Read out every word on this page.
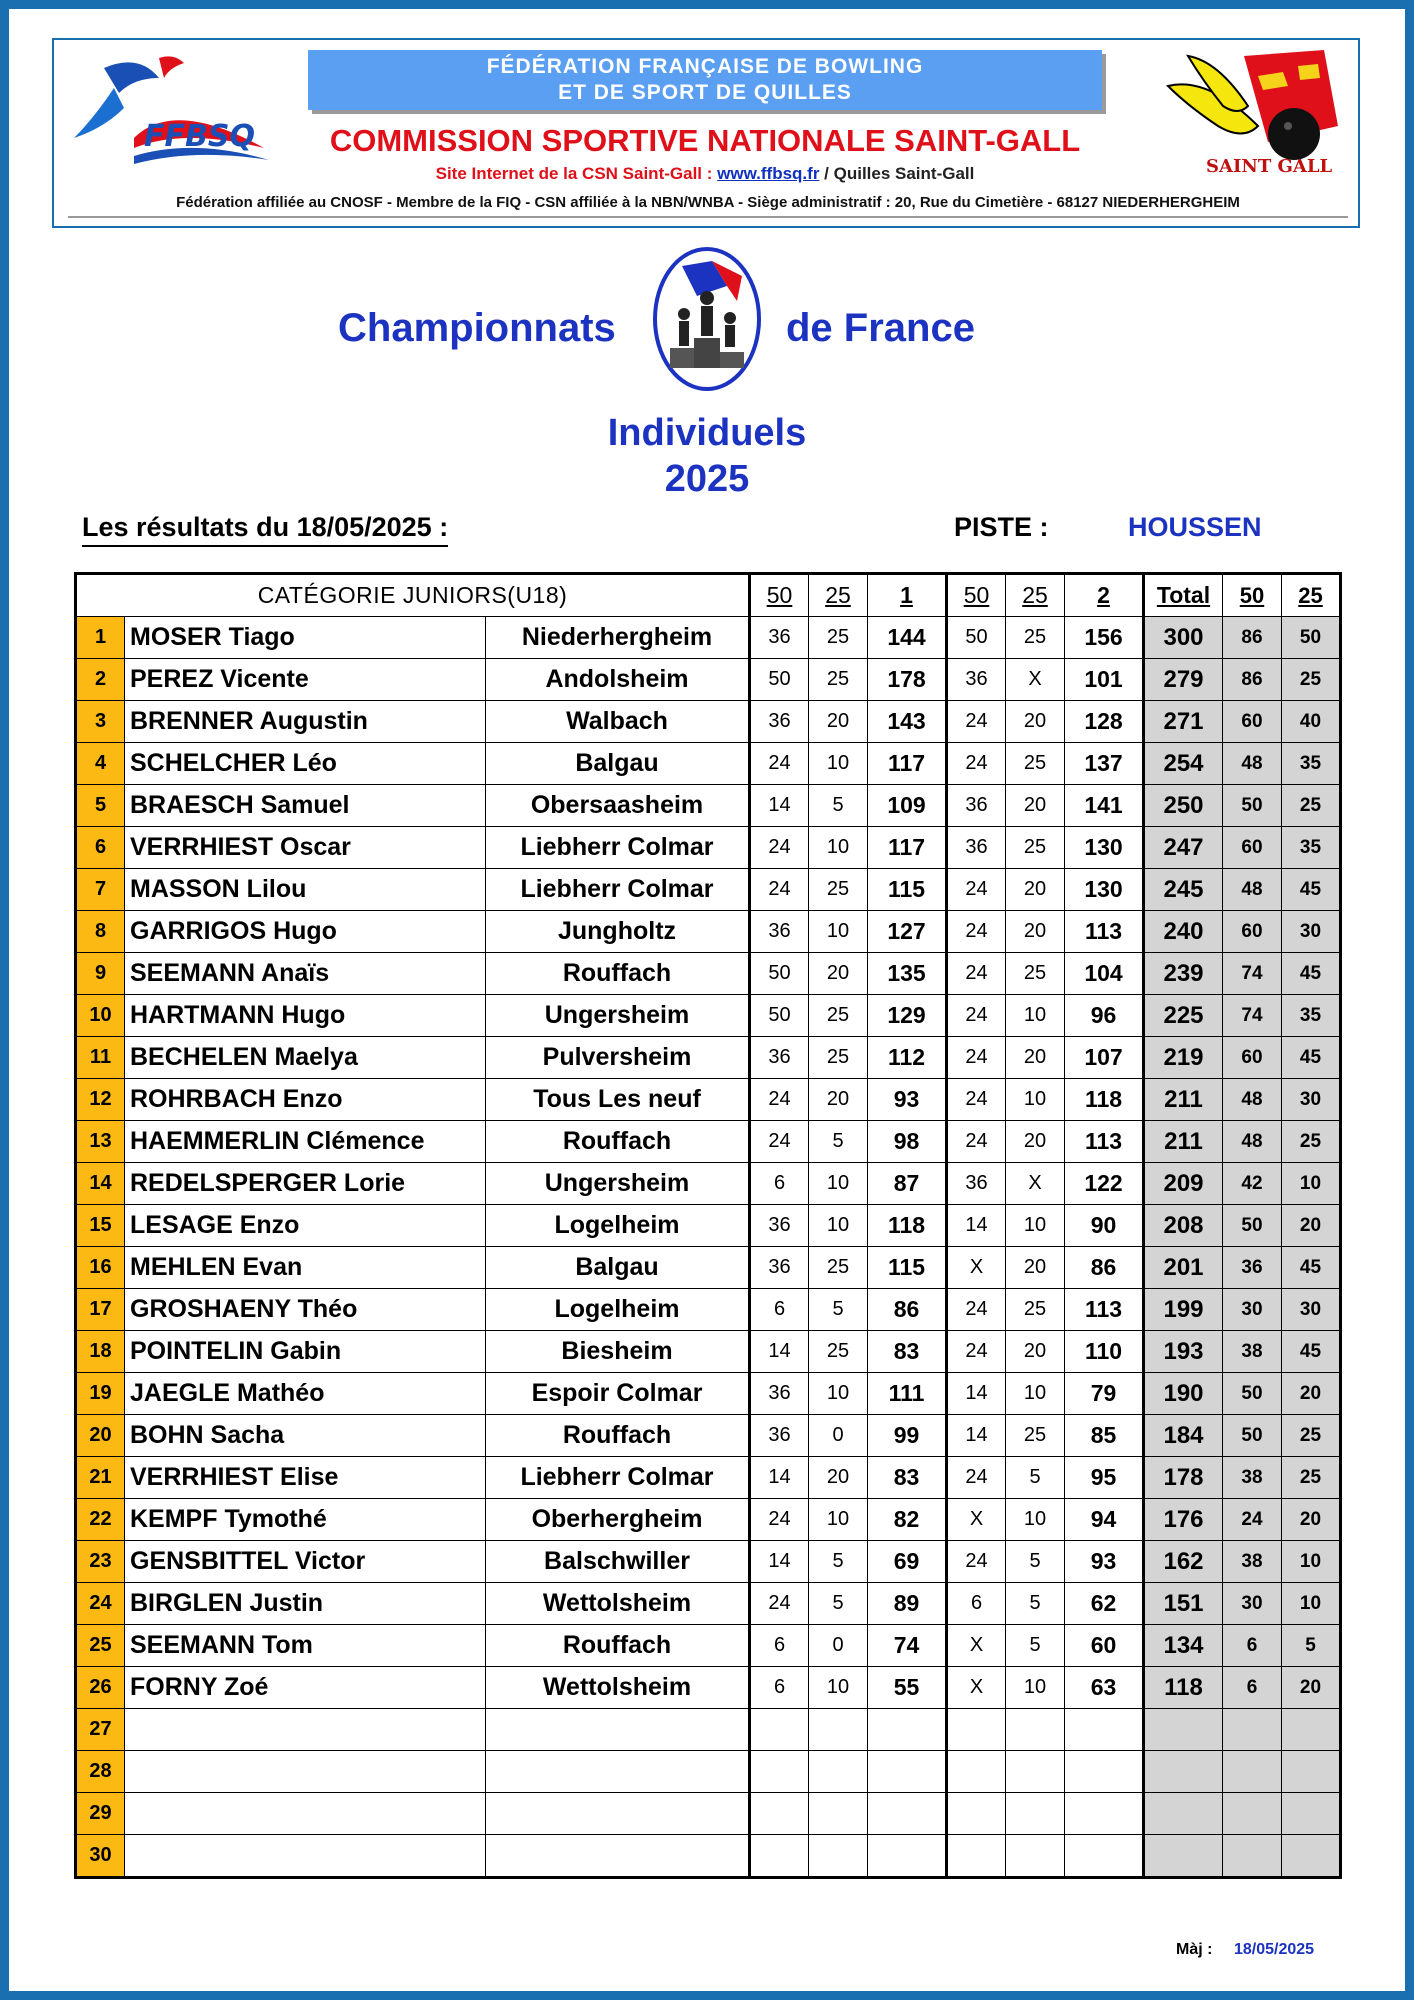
FFBSQ
FÉDÉRATION FRANÇAISE DE BOWLING
ET DE SPORT DE QUILLES
COMMISSION SPORTIVE NATIONALE SAINT-GALL
Site Internet de la CSN Saint-Gall : www.ffbsq.fr / Quilles Saint-Gall
Fédération affiliée au CNOSF - Membre de la FIQ - CSN affiliée à la NBN/WNBA - Siège administratif : 20, Rue du Cimetière - 68127 NIEDERHERGHEIM
SAINT GALL
Championnats	de France
Individuels
2025
Les résultats du 18/05/2025 :	PISTE :	HOUSSEN
CATÉGORIE JUNIORS(U18)			50	25	1	50	25	2	Total	50	25
1	MOSER Tiago	Niederhergheim	36	25	144	50	25	156	300	86	50
2	PEREZ Vicente	Andolsheim	50	25	178	36	X	101	279	86	25
3	BRENNER Augustin	Walbach	36	20	143	24	20	128	271	60	40
4	SCHELCHER Léo	Balgau	24	10	117	24	25	137	254	48	35
5	BRAESCH Samuel	Obersaasheim	14	5	109	36	20	141	250	50	25
6	VERRHIEST Oscar	Liebherr Colmar	24	10	117	36	25	130	247	60	35
7	MASSON Lilou	Liebherr Colmar	24	25	115	24	20	130	245	48	45
8	GARRIGOS Hugo	Jungholtz	36	10	127	24	20	113	240	60	30
9	SEEMANN Anaïs	Rouffach	50	20	135	24	25	104	239	74	45
10	HARTMANN Hugo	Ungersheim	50	25	129	24	10	96	225	74	35
11	BECHELEN Maelya	Pulversheim	36	25	112	24	20	107	219	60	45
12	ROHRBACH Enzo	Tous Les neuf	24	20	93	24	10	118	211	48	30
13	HAEMMERLIN Clémence	Rouffach	24	5	98	24	20	113	211	48	25
14	REDELSPERGER Lorie	Ungersheim	6	10	87	36	X	122	209	42	10
15	LESAGE Enzo	Logelheim	36	10	118	14	10	90	208	50	20
16	MEHLEN Evan	Balgau	36	25	115	X	20	86	201	36	45
17	GROSHAENY Théo	Logelheim	6	5	86	24	25	113	199	30	30
18	POINTELIN Gabin	Biesheim	14	25	83	24	20	110	193	38	45
19	JAEGLE Mathéo	Espoir Colmar	36	10	111	14	10	79	190	50	20
20	BOHN Sacha	Rouffach	36	0	99	14	25	85	184	50	25
21	VERRHIEST Elise	Liebherr Colmar	14	20	83	24	5	95	178	38	25
22	KEMPF Tymothé	Oberhergheim	24	10	82	X	10	94	176	24	20
23	GENSBITTEL Victor	Balschwiller	14	5	69	24	5	93	162	38	10
24	BIRGLEN Justin	Wettolsheim	24	5	89	6	5	62	151	30	10
25	SEEMANN Tom	Rouffach	6	0	74	X	5	60	134	6	5
26	FORNY Zoé	Wettolsheim	6	10	55	X	10	63	118	6	20
27											
28											
29											
30											
Màj : 18/05/2025
